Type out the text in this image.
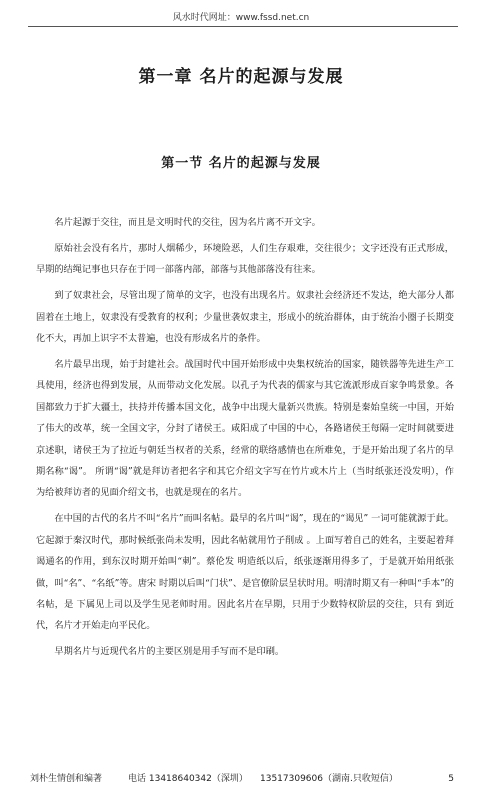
风水时代网址：www.fssd.net.cn
第一章 名片的起源与发展
第一节 名片的起源与发展

名片起源于交往，而且是文明时代的交往，因为名片离不开文字。

原始社会没有名片，那时人烟稀少，环境险恶，人们生存艰难，交往很少；文字还没有正式形成，早期的结绳记事也只存在于同一部落内部，部落与其他部落没有往来。

到了奴隶社会，尽管出现了简单的文字，也没有出现名片。奴隶社会经济还不发达，绝大部分人都固着在土地上，奴隶没有受教育的权利；少量世袭奴隶主，形成小的统治群体，由于统治小圈子长期变化不大，再加上识字不太普遍，也没有形成名片的条件。

名片最早出现，始于封建社会。战国时代中国开始形成中央集权统治的国家，随铁器等先进生产工具使用，经济也得到发展，从而带动文化发展。以孔子为代表的儒家与其它流派形成百家争鸣景象。各国都致力于扩大疆土，扶持并传播本国文化，战争中出现大量新兴贵族。特别是秦始皇统一中国，开始了伟大的改革，统一全国文字，分封了诸侯王。咸阳成了中国的中心，各路诸侯王每隔一定时间就要进京述职，诸侯王为了拉近与朝廷当权者的关系，经常的联络感情也在所难免，于是开始出现了名片的早期名称“谒”。 所谓“谒”就是拜访者把名字和其它介绍文字写在竹片或木片上（当时纸张还没发明），作为给被拜访者的见面介绍文书，也就是现在的名片。

在中国的古代的名片不叫“名片”而叫名帖。最早的名片叫“谒”，现在的“谒见” 一词可能就源于此。它起源于秦汉时代，那时候纸张尚未发明，因此名帖就用竹子削成 。上面写着自己的姓名，主要起着拜谒通名的作用，到东汉时期开始叫“刺”。蔡伦发 明造纸以后，纸张逐渐用得多了，于是就开始用纸张做，叫“名”、“名纸”等。唐宋 时期以后叫“门状”、是官僚阶层呈状时用。明清时期又有一种叫“手本”的名帖，是 下属见上司以及学生见老师时用。因此名片在早期，只用于少数特权阶层的交往，只有 到近代，名片才开始走向平民化。

早期名片与近现代名片的主要区别是用手写而不是印刷。

刘朴生情创和编著	电话 13418640342（深圳） 13517309606（湖南.只收短信）	5
